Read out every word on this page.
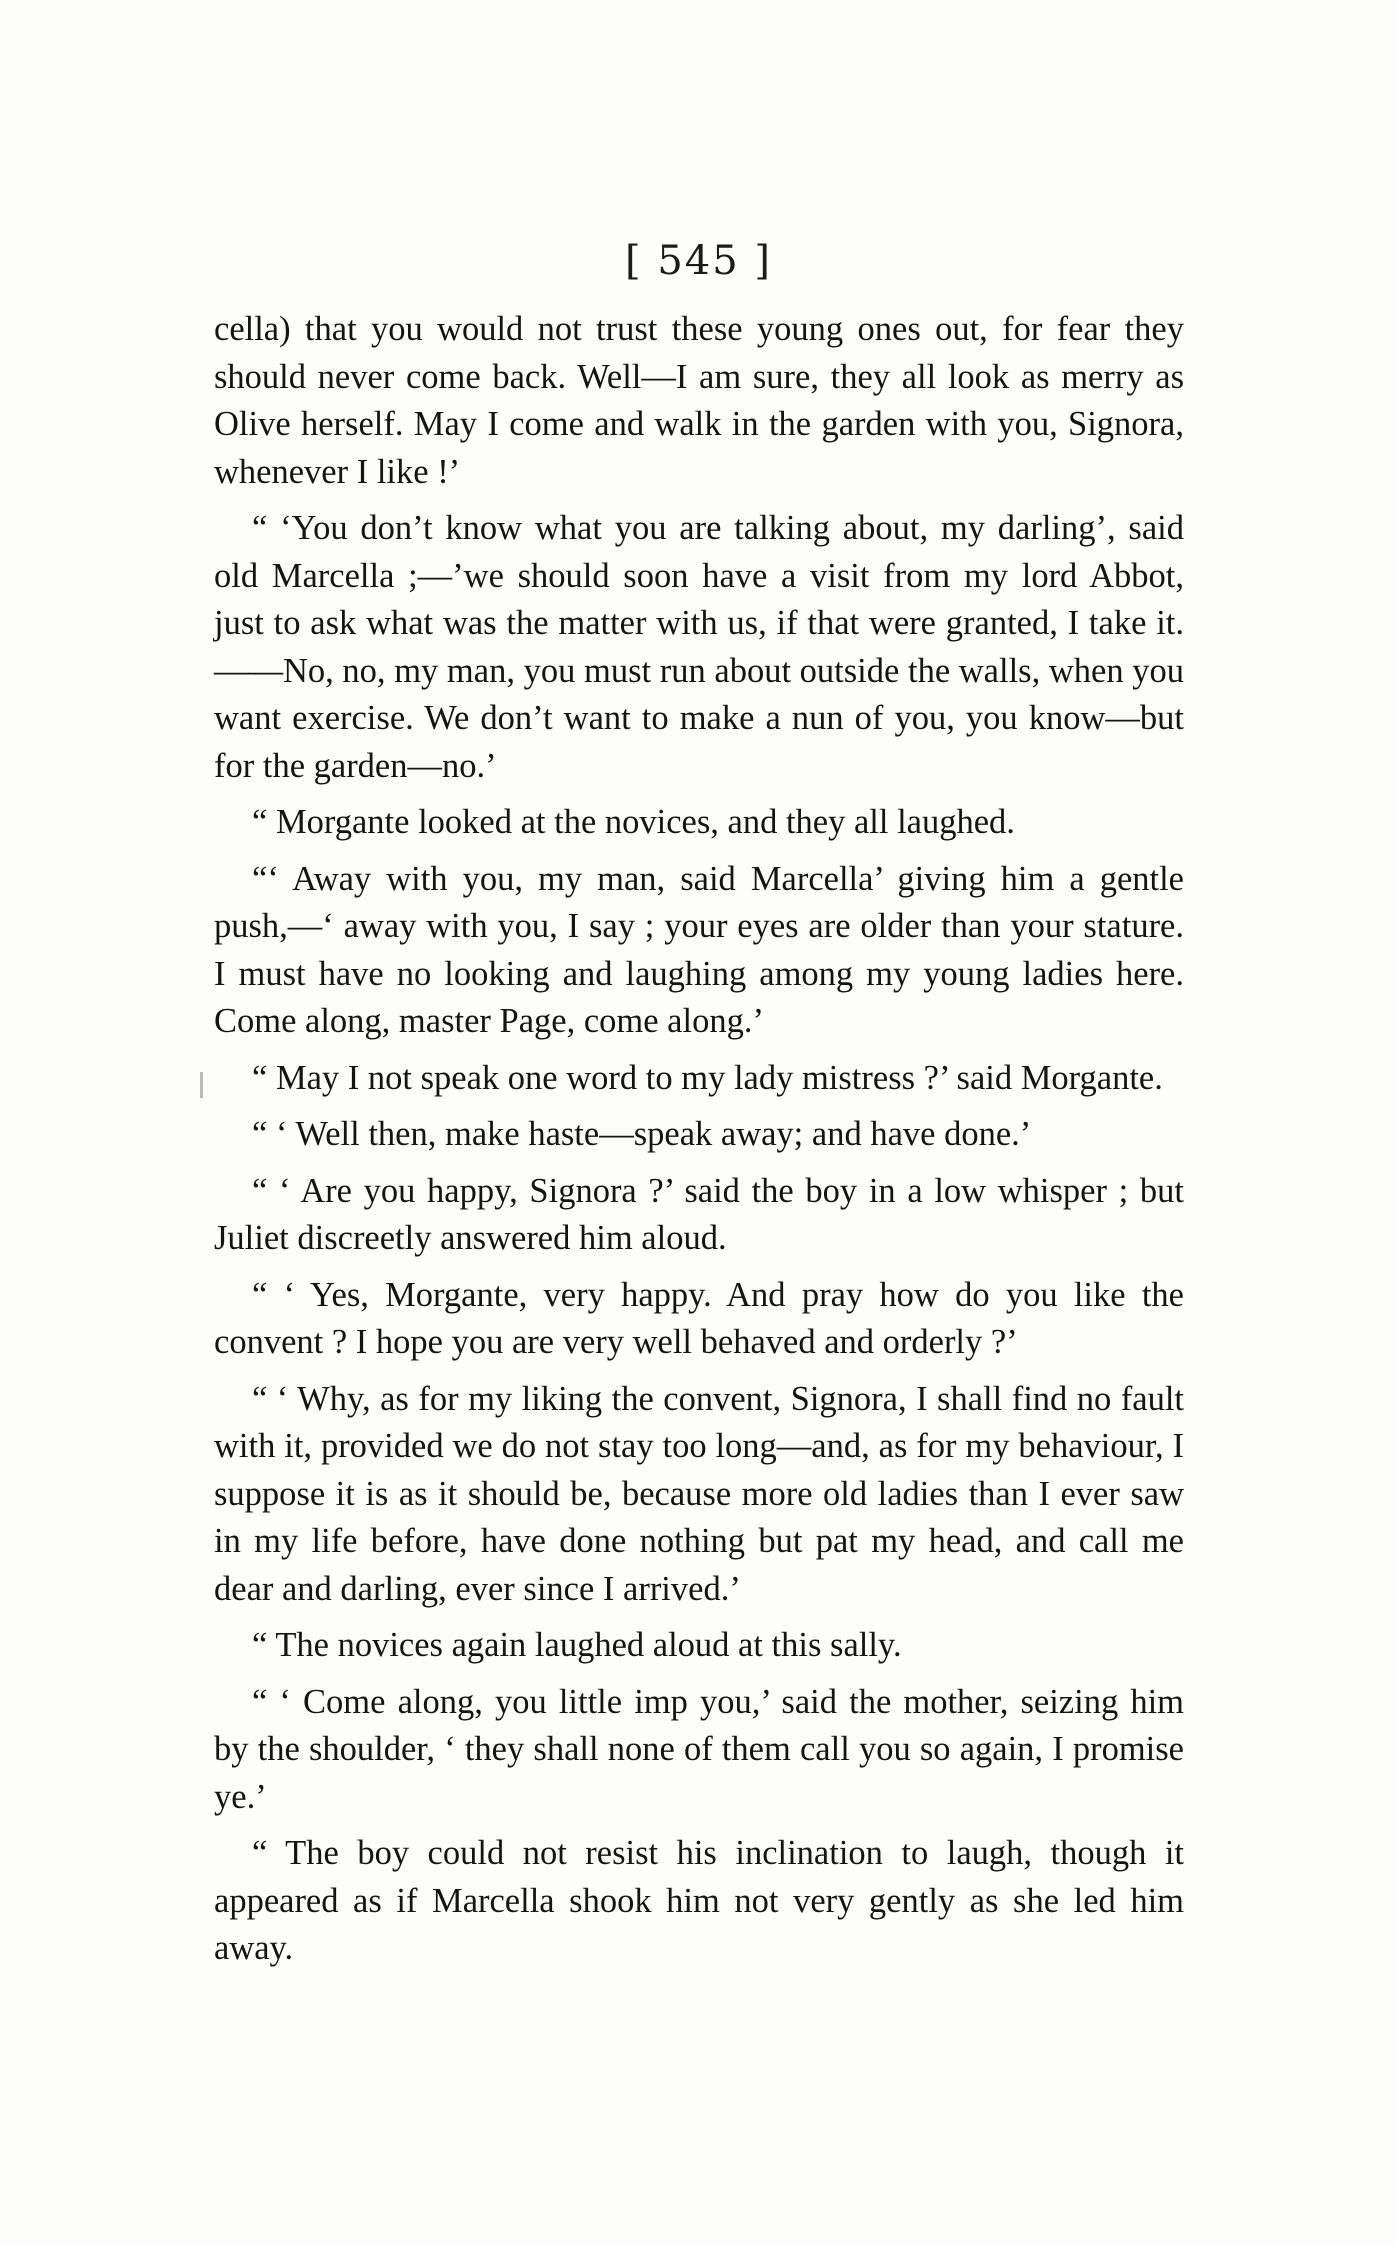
[ 545 ]

cella) that you would not trust these young ones out, for fear they should never come back. Well—I am sure, they all look as merry as Olive herself. May I come and walk in the garden with you, Signora, whenever I like !’

“ ‘You don’t know what you are talking about, my darling’, said old Marcella ;—’we should soon have a visit from my lord Abbot, just to ask what was the matter with us, if that were granted, I take it.——No, no, my man, you must run about outside the walls, when you want exercise. We don’t want to make a nun of you, you know—but for the garden—no.’

“ Morgante looked at the novices, and they all laughed.

“‘ Away with you, my man, said Marcella’ giving him a gentle push,—‘ away with you, I say ; your eyes are older than your stature. I must have no looking and laughing among my young ladies here. Come along, master Page, come along.’

“ May I not speak one word to my lady mistress ?’ said Morgante.

“ ‘ Well then, make haste—speak away; and have done.’

“ ‘ Are you happy, Signora ?’ said the boy in a low whisper ; but Juliet discreetly answered him aloud.

“ ‘ Yes, Morgante, very happy. And pray how do you like the convent ? I hope you are very well behaved and orderly ?’

“ ‘ Why, as for my liking the convent, Signora, I shall find no fault with it, provided we do not stay too long—and, as for my behaviour, I suppose it is as it should be, because more old ladies than I ever saw in my life before, have done nothing but pat my head, and call me dear and darling, ever since I arrived.’

“ The novices again laughed aloud at this sally.

“ ‘ Come along, you little imp you,’ said the mother, seizing him by the shoulder, ‘ they shall none of them call you so again, I promise ye.’

“ The boy could not resist his inclination to laugh, though it appeared as if Marcella shook him not very gently as she led him away.
